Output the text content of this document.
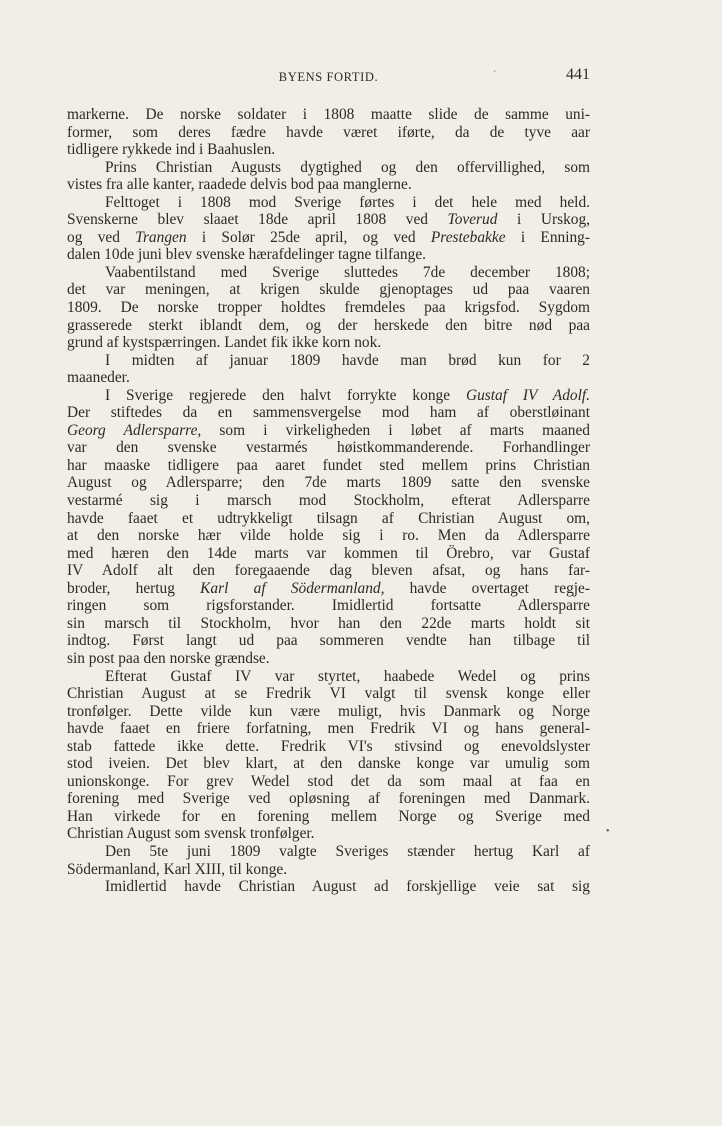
BYENS FORTID.	441
markerne. De norske soldater i 1808 maatte slide de samme uni-
former, som deres fædre havde været iførte, da de tyve aar
tidligere rykkede ind i Baahuslen.
Prins Christian Augusts dygtighed og den offervillighed, som
vistes fra alle kanter, raadede delvis bod paa manglerne.
Felttoget i 1808 mod Sverige førtes i det hele med held.
Svenskerne blev slaaet 18de april 1808 ved Toverud i Urskog,
og ved Trangen i Solør 25de april, og ved Prestebakke i Enning-
dalen 10de juni blev svenske hærafdelinger tagne tilfange.
Vaabentilstand med Sverige sluttedes 7de december 1808;
det var meningen, at krigen skulde gjenoptages ud paa vaaren
1809. De norske tropper holdtes fremdeles paa krigsfod. Sygdom
grasserede sterkt iblandt dem, og der herskede den bitre nød paa
grund af kystspærringen. Landet fik ikke korn nok.
I midten af januar 1809 havde man brød kun for 2
maaneder.
I Sverige regjerede den halvt forrykte konge Gustaf IV Adolf.
Der stiftedes da en sammensvergelse mod ham af oberstløinant
Georg Adlersparre, som i virkeligheden i løbet af marts maaned
var den svenske vestarmés høistkommanderende. Forhandlinger
har maaske tidligere paa aaret fundet sted mellem prins Christian
August og Adlersparre; den 7de marts 1809 satte den svenske
vestarmé sig i marsch mod Stockholm, efterat Adlersparre
havde faaet et udtrykkeligt tilsagn af Christian August om,
at den norske hær vilde holde sig i ro. Men da Adlersparre
med hæren den 14de marts var kommen til Örebro, var Gustaf
IV Adolf alt den foregaaende dag bleven afsat, og hans far-
broder, hertug Karl af Södermanland, havde overtaget regje-
ringen som rigsforstander. Imidlertid fortsatte Adlersparre
sin marsch til Stockholm, hvor han den 22de marts holdt sit
indtog. Først langt ud paa sommeren vendte han tilbage til
sin post paa den norske grændse.
Efterat Gustaf IV var styrtet, haabede Wedel og prins
Christian August at se Fredrik VI valgt til svensk konge eller
tronfølger. Dette vilde kun være muligt, hvis Danmark og Norge
havde faaet en friere forfatning, men Fredrik VI og hans general-
stab fattede ikke dette. Fredrik VI's stivsind og enevoldslyster
stod iveien. Det blev klart, at den danske konge var umulig som
unionskonge. For grev Wedel stod det da som maal at faa en
forening med Sverige ved opløsning af foreningen med Danmark.
Han virkede for en forening mellem Norge og Sverige med
Christian August som svensk tronfølger.
Den 5te juni 1809 valgte Sveriges stænder hertug Karl af
Södermanland, Karl XIII, til konge.
Imidlertid havde Christian August ad forskjellige veie sat sig
ˊ
•
